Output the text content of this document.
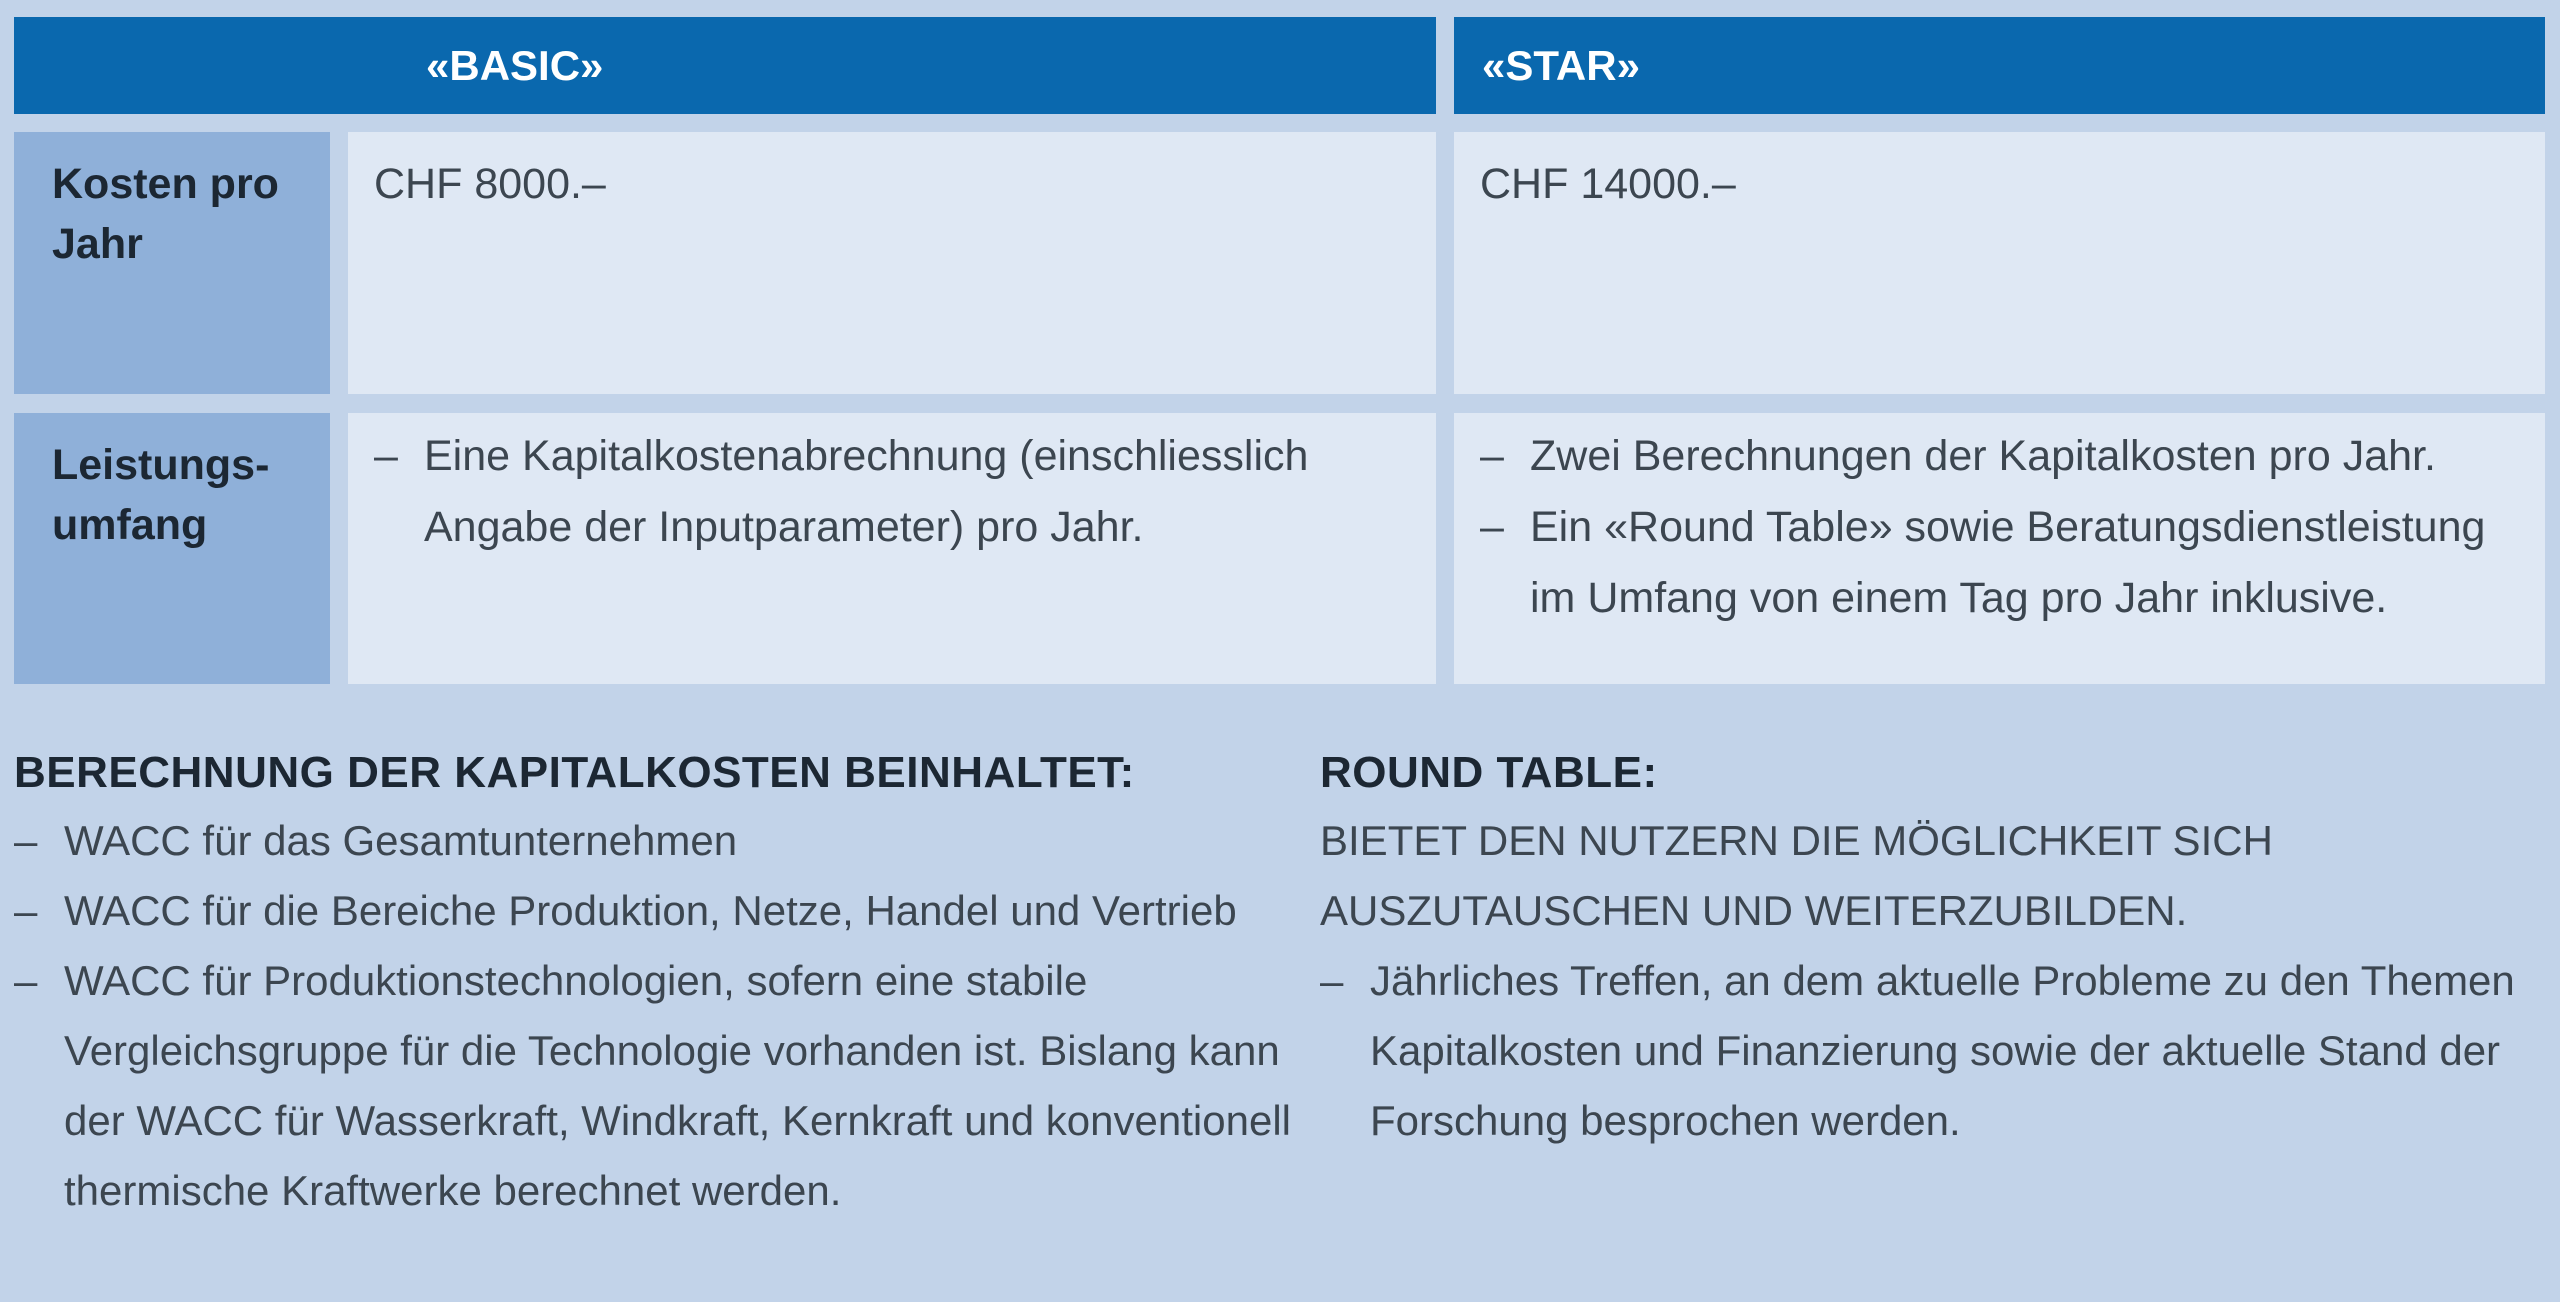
«BASIC»	«STAR»
Kosten pro
Jahr
CHF 8000.–	CHF 14000.–
Leistungs-
umfang
– Eine Kapitalkostenabrechnung (einschliesslich Angabe der Inputparameter) pro Jahr.
– Zwei Berechnungen der Kapitalkosten pro Jahr.
– Ein «Round Table» sowie Beratungsdienstleistung im Umfang von einem Tag pro Jahr inklusive.
BERECHNUNG DER KAPITALKOSTEN BEINHALTET:
– WACC für das Gesamtunternehmen
– WACC für die Bereiche Produktion, Netze, Handel und Vertrieb
– WACC für Produktionstechnologien, sofern eine stabile Vergleichsgruppe für die Technologie vorhanden ist. Bislang kann der WACC für Wasserkraft, Windkraft, Kernkraft und konventionell thermische Kraftwerke berechnet werden.
ROUND TABLE:
BIETET DEN NUTZERN DIE MÖGLICHKEIT SICH AUSZUTAUSCHEN UND WEITERZUBILDEN.
– Jährliches Treffen, an dem aktuelle Probleme zu den Themen Kapitalkosten und Finanzierung sowie der aktuelle Stand der Forschung besprochen werden.
